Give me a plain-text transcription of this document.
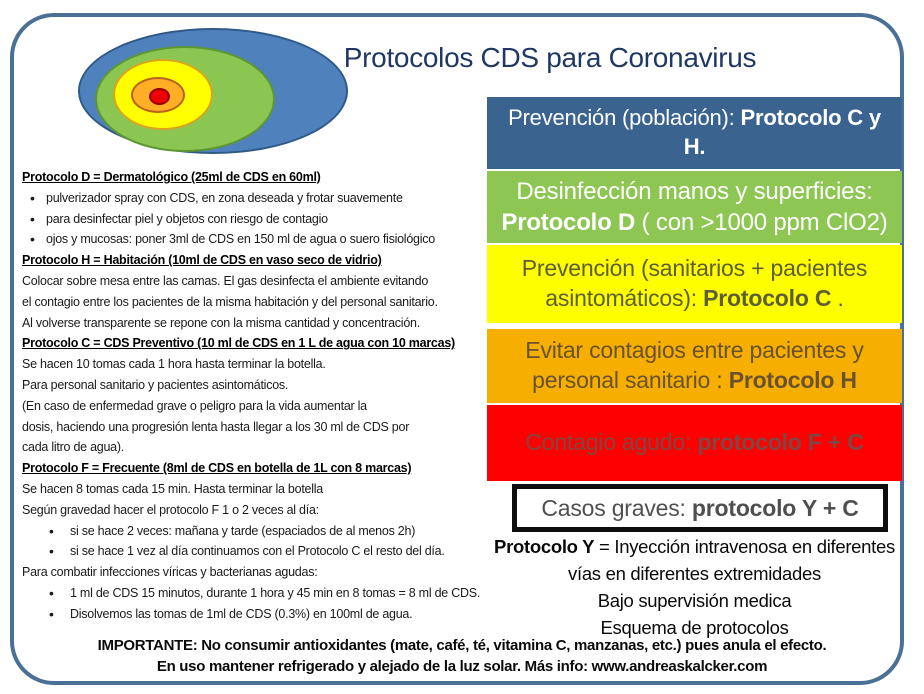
Protocolos CDS para Coronavirus
Protocolo D = Dermatológico (25ml de CDS en 60ml)
• pulverizador spray con CDS, en zona deseada y frotar suavemente
• para desinfectar piel y objetos con riesgo de contagio
• ojos y mucosas: poner 3ml de CDS en 150 ml de agua o suero fisiológico
Protocolo H = Habitación (10ml de CDS en vaso seco de vidrio)
Colocar sobre mesa entre las camas. El gas desinfecta el ambiente evitando
el contagio entre los pacientes de la misma habitación y del personal sanitario.
Al volverse transparente se repone con la misma cantidad y concentración.
Protocolo C = CDS Preventivo (10 ml de CDS en 1 L de agua con 10 marcas)
Se hacen 10 tomas cada 1 hora hasta terminar la botella.
Para personal sanitario y pacientes asintomáticos.
(En caso de enfermedad grave o peligro para la vida aumentar la
dosis, haciendo una progresión lenta hasta llegar a los 30 ml de CDS por
cada litro de agua).
Protocolo F = Frecuente (8ml de CDS en botella de 1L con 8 marcas)
Se hacen 8 tomas cada 15 min. Hasta terminar la botella
Según gravedad hacer el protocolo F 1 o 2 veces al día:
• si se hace 2 veces: mañana y tarde (espaciados de al menos 2h)
• si se hace 1 vez al día continuamos con el Protocolo C el resto del día.
Para combatir infecciones víricas y bacterianas agudas:
• 1 ml de CDS 15 minutos, durante 1 hora y 45 min en 8 tomas = 8 ml de CDS.
• Disolvemos las tomas de 1ml de CDS (0.3%) en 100ml de agua.
Prevención (población): Protocolo C y H.
Desinfección manos y superficies: Protocolo D ( con >1000 ppm ClO2)
Prevención (sanitarios + pacientes asintomáticos): Protocolo C .
Evitar contagios entre pacientes y personal sanitario : Protocolo H
Contagio agudo: protocolo F + C
Casos graves: protocolo Y + C
Protocolo Y = Inyección intravenosa en diferentes vías en diferentes extremidades
Bajo supervisión medica
Esquema de protocolos
IMPORTANTE: No consumir antioxidantes (mate, café, té, vitamina C, manzanas, etc.) pues anula el efecto.
En uso mantener refrigerado y alejado de la luz solar. Más info: www.andreaskalcker.com
